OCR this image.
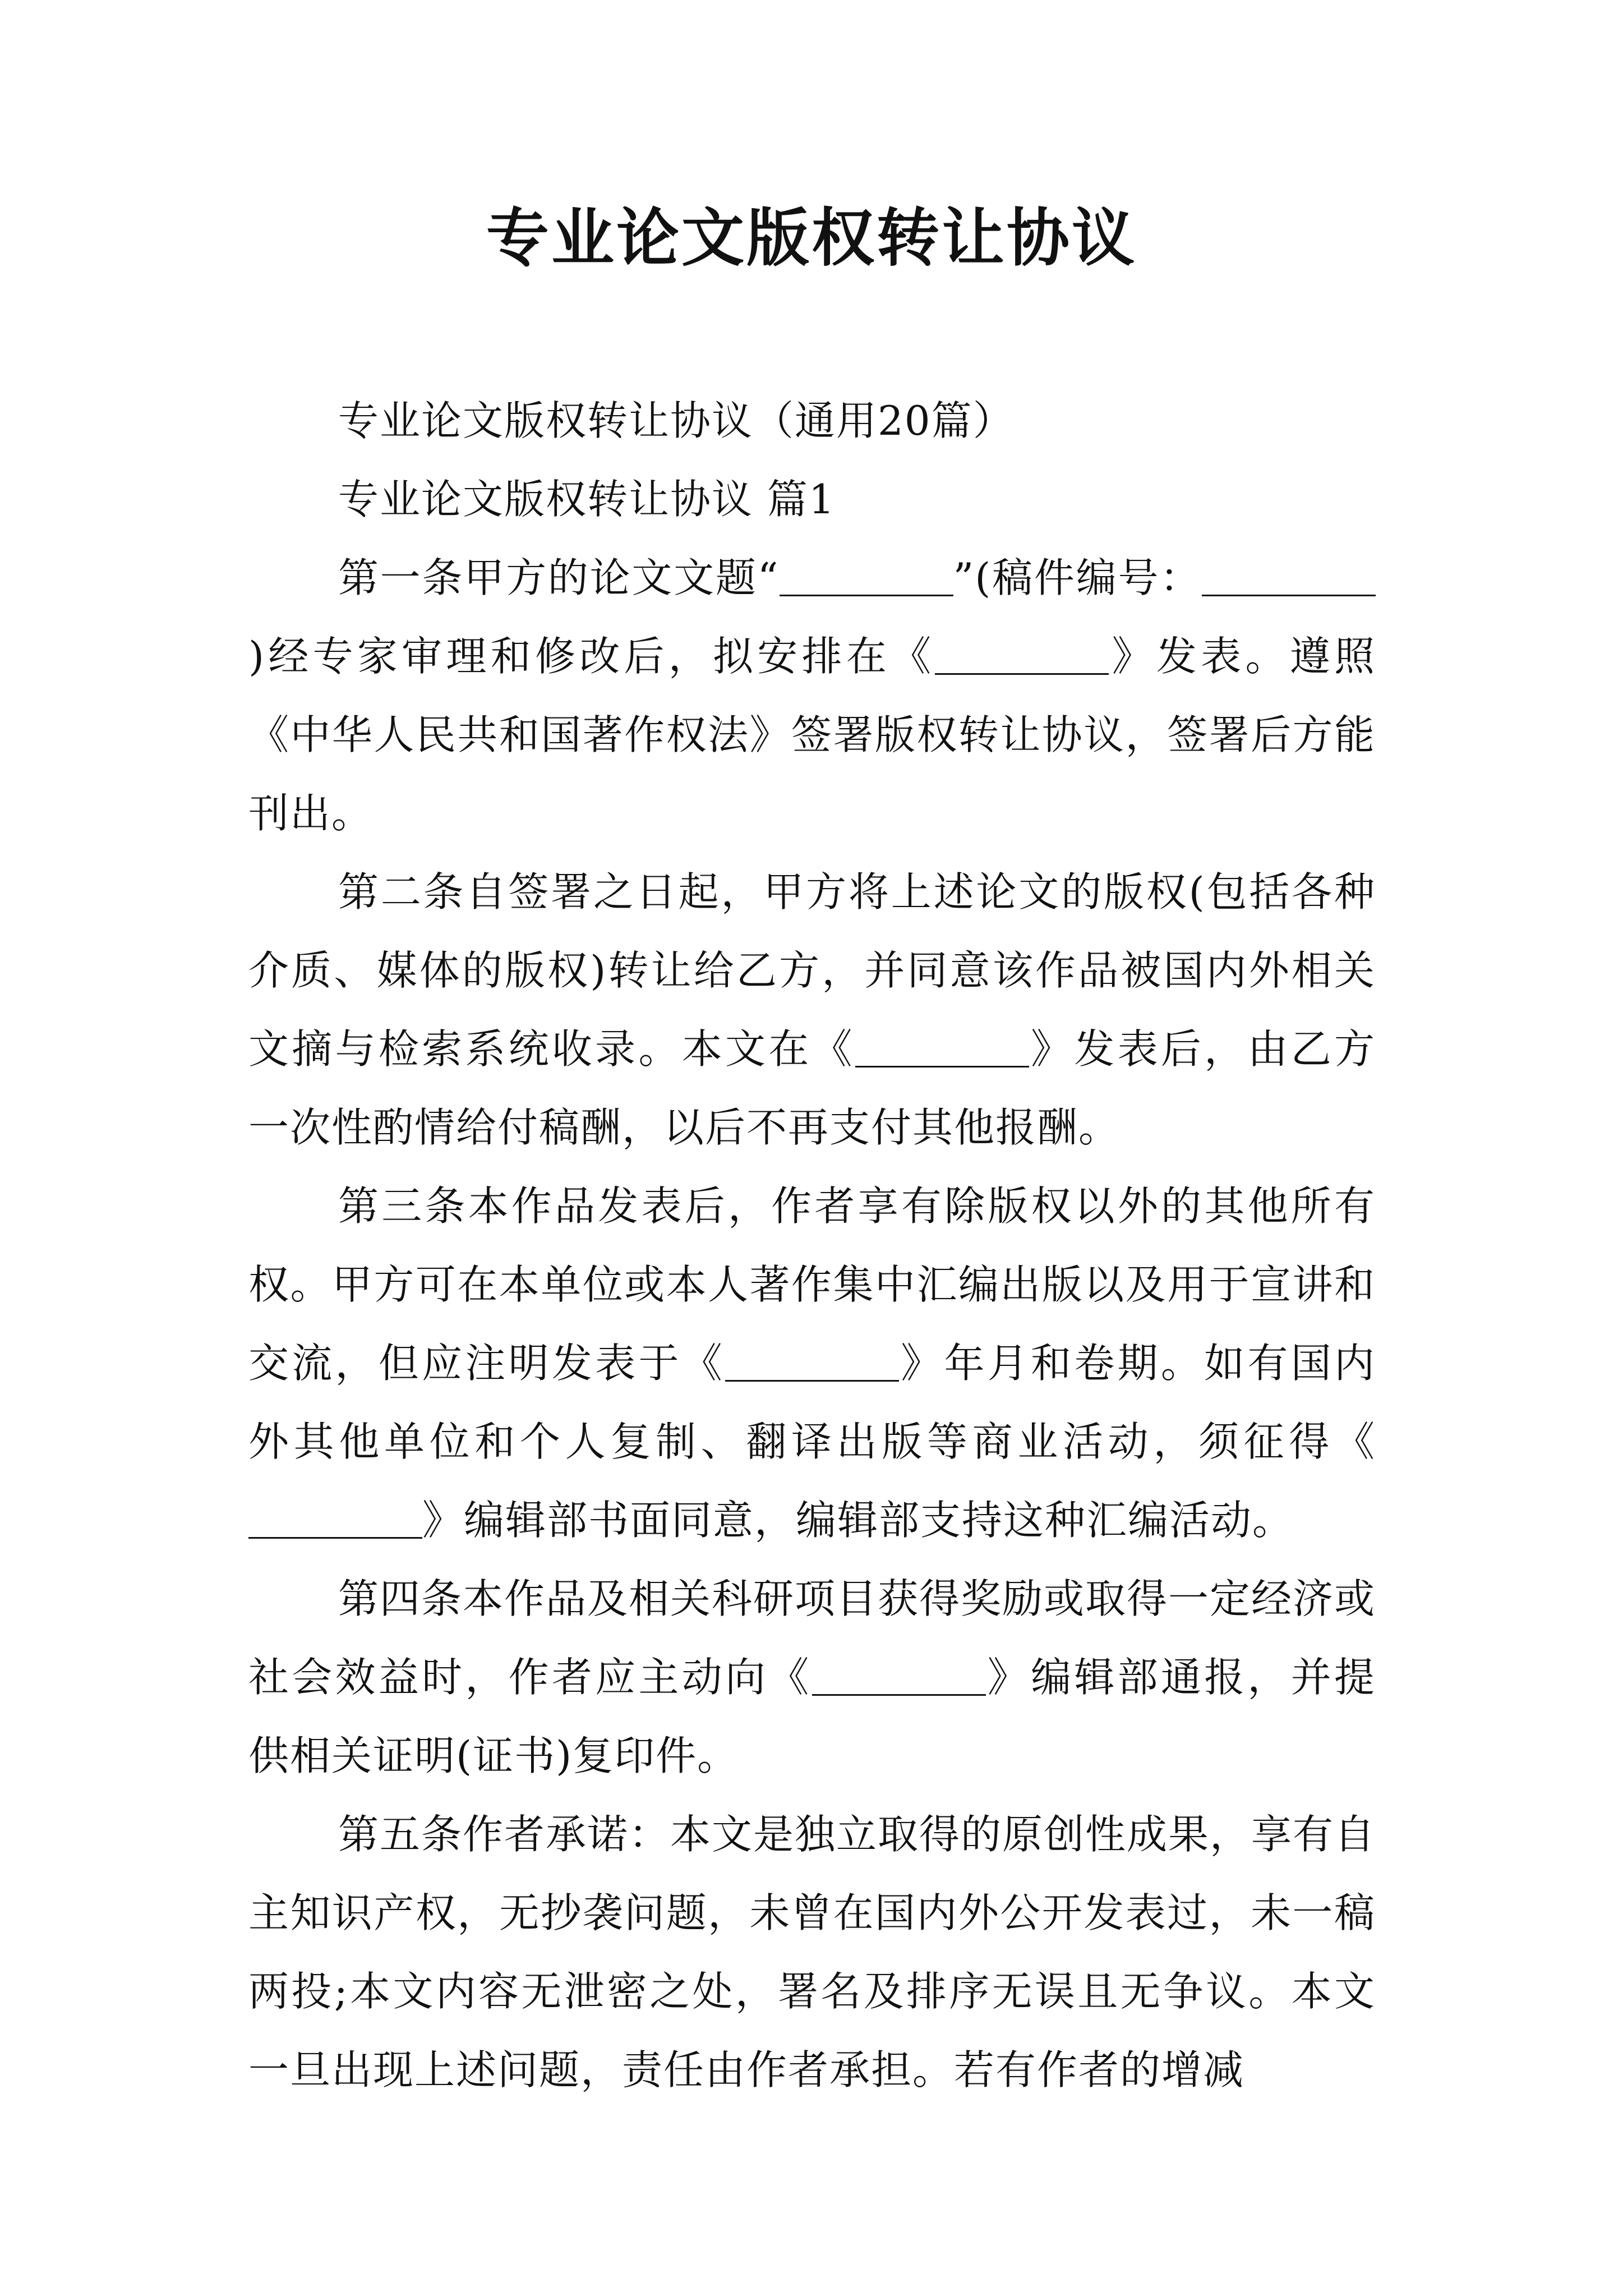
专业论文版权转让协议
专业论文版权转让协议（通用20篇）
专业论文版权转让协议 篇1

第一条甲方的论文文题“	”(稿件编号：)经专家审理和修改后，拟安排在《	》发表。遵照《中华人民共和国著作权法》签署版权转让协议，签署后方能刊出。

第二条自签署之日起，甲方将上述论文的版权(包括各种介质、媒体的版权)转让给乙方，并同意该作品被国内外相关文摘与检索系统收录。本文在《	》发表后，由乙方一次性酌情给付稿酬，以后不再支付其他报酬。

第三条本作品发表后，作者享有除版权以外的其他所有权。甲方可在本单位或本人著作集中汇编出版以及用于宣讲和交流，但应注明发表于《	》年月和卷期。如有国内外其他单位和个人复制、翻译出版等商业活动，须征得《》编辑部书面同意，编辑部支持这种汇编活动。

第四条本作品及相关科研项目获得奖励或取得一定经济或社会效益时，作者应主动向《	》编辑部通报，并提供相关证明(证书)复印件。

第五条作者承诺：本文是独立取得的原创性成果，享有自主知识产权，无抄袭问题，未曾在国内外公开发表过，未一稿两投;本文内容无泄密之处，署名及排序无误且无争议。本文一旦出现上述问题，责任由作者承担。若有作者的增减
